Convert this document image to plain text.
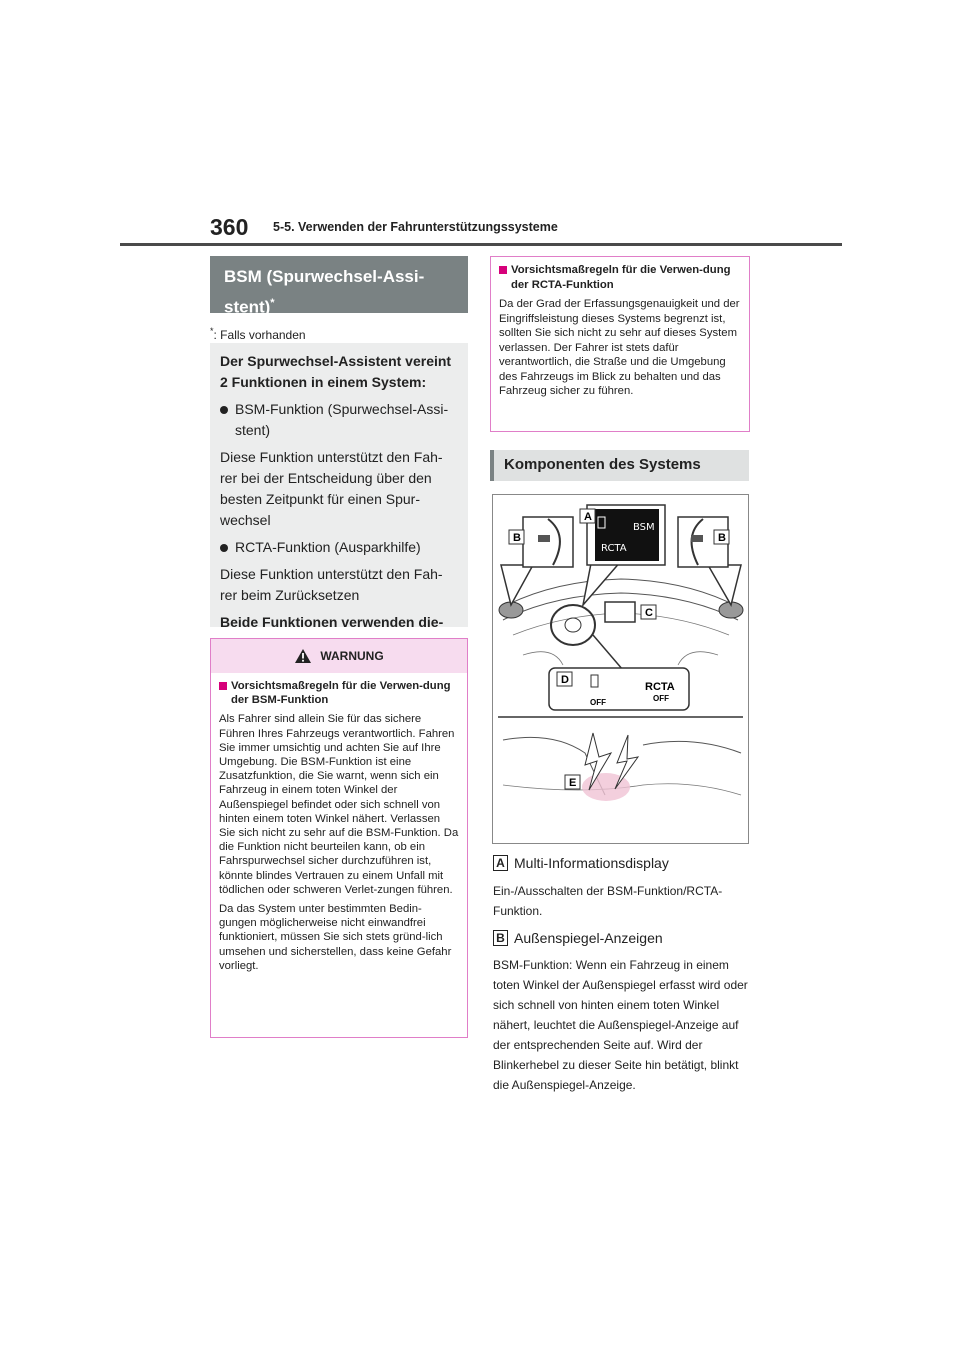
360 5-5. Verwenden der Fahrunterstützungssysteme
BSM (Spurwechsel-Assi-
stent)*
*: Falls vorhanden

Der Spurwechsel-Assistent vereint 2 Funktionen in einem System:

BSM-Funktion (Spurwechsel-Assi-stent)

Diese Funktion unterstützt den Fah-rer bei der Entscheidung über den besten Zeitpunkt für einen Spur-wechsel

RCTA-Funktion (Ausparkhilfe)

Diese Funktion unterstützt den Fah-rer beim Zurücksetzen

Beide Funktionen verwenden die-

WARNUNG
Vorsichtsmaßregeln für die Verwen-dung der BSM-Funktion

Als Fahrer sind allein Sie für das sichere Führen Ihres Fahrzeugs verantwortlich. Fahren Sie immer umsichtig und achten Sie auf Ihre Umgebung. Die BSM-Funktion ist eine Zusatzfunktion, die Sie warnt, wenn sich ein Fahrzeug in einem toten Winkel der Außenspiegel befindet oder sich schnell von hinten einem toten Winkel nähert. Verlassen Sie sich nicht zu sehr auf die BSM-Funktion. Da die Funktion nicht beurteilen kann, ob ein Fahrspurwechsel sicher durchzuführen ist, könnte blindes Vertrauen zu einem Unfall mit tödlichen oder schweren Verlet-zungen führen.

Da das System unter bestimmten Bedin-gungen möglicherweise nicht einwandfrei funktioniert, müssen Sie sich stets gründ-lich umsehen und sicherstellen, dass keine Gefahr vorliegt.

Vorsichtsmaßregeln für die Verwen-dung der RCTA-Funktion

Da der Grad der Erfassungsgenauigkeit und der Eingriffsleistung dieses Systems begrenzt ist, sollten Sie sich nicht zu sehr auf dieses System verlassen. Der Fahrer ist stets dafür verantwortlich, die Straße und die Umgebung des Fahrzeugs im Blick zu behalten und das Fahrzeug sicher zu führen.

Komponenten des Systems
BSM
RCTA
A
B	B
C
D
OFF
RCTA
OFF
E
A Multi-Informationsdisplay
Ein-/Ausschalten der BSM-Funktion/RCTA-Funktion.
B Außenspiegel-Anzeigen
BSM-Funktion: Wenn ein Fahrzeug in einem toten Winkel der Außenspiegel erfasst wird oder sich schnell von hinten einem toten Winkel nähert, leuchtet die Außenspiegel-Anzeige auf der entsprechenden Seite auf. Wird der Blinkerhebel zu dieser Seite hin betätigt, blinkt die Außenspiegel-Anzeige.
